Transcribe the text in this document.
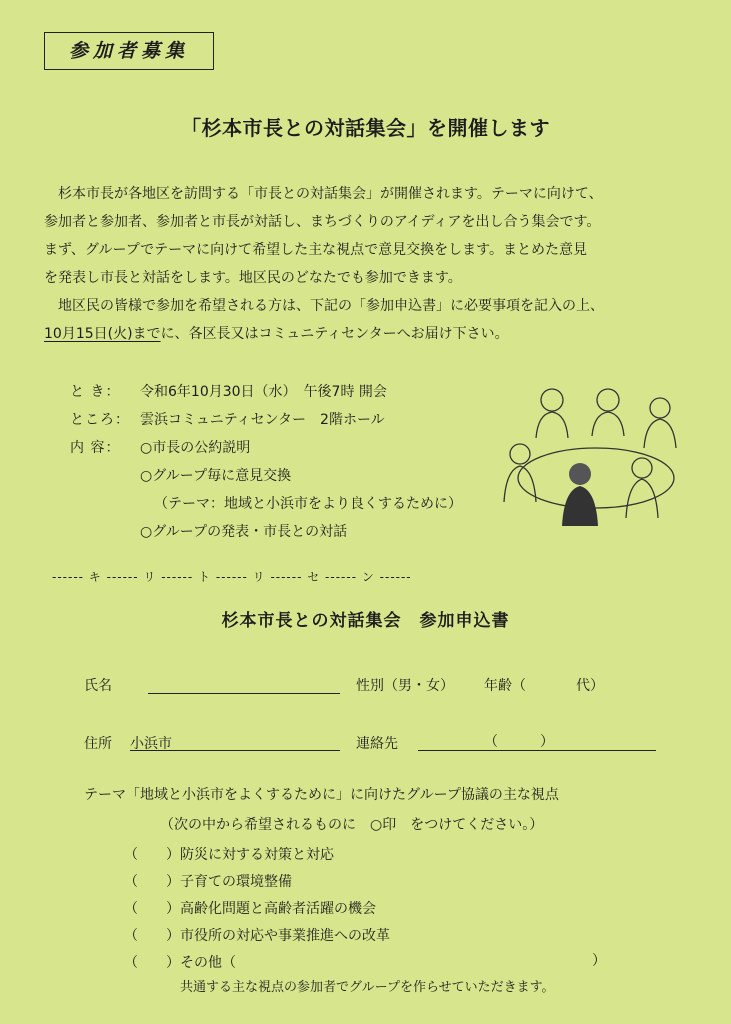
参加者募集
「杉本市長との対話集会」を開催します

杉本市長が各地区を訪問する「市長との対話集会」が開催されます。テーマに向けて、

参加者と参加者、参加者と市長が対話し、まちづくりのアイディアを出し合う集会です。

まず、グループでテーマに向けて希望した主な視点で意見交換をします。まとめた意見

を発表し市長と対話をします。地区民のどなたでも参加できます。

地区民の皆様で参加を希望される方は、下記の「参加申込書」に必要事項を記入の上、

10月15日(火)までに、各区長又はコミュニティセンターへお届け下さい。

と き：	令和6年10月30日（水）　午後7時 開会
ところ： 雲浜コミュニティセンター　2階ホール
内 容：	○市長の公約説明
○グループ毎に意見交換
（テーマ：地域と小浜市をより良くするために）
○グループの発表・市長との対話
------ キ ------ リ ------ ト ------ リ ------ セ ------ ン ------
杉本市長との対話集会　参加申込書
氏名	性別（男・女） 年齢（	代）
住所 小浜市	連絡先	（　　　）
テーマ「地域と小浜市をよくするために」に向けたグループ協議の主な視点
（次の中から希望されるものに　○印　をつけてください。）
（　　） 防災に対する対策と対応
（　　） 子育ての環境整備
（　　） 高齢化問題と高齢者活躍の機会
（　　） 市役所の対応や事業推進への改革
（　　） その他（	）
共通する主な視点の参加者でグループを作らせていただきます。
